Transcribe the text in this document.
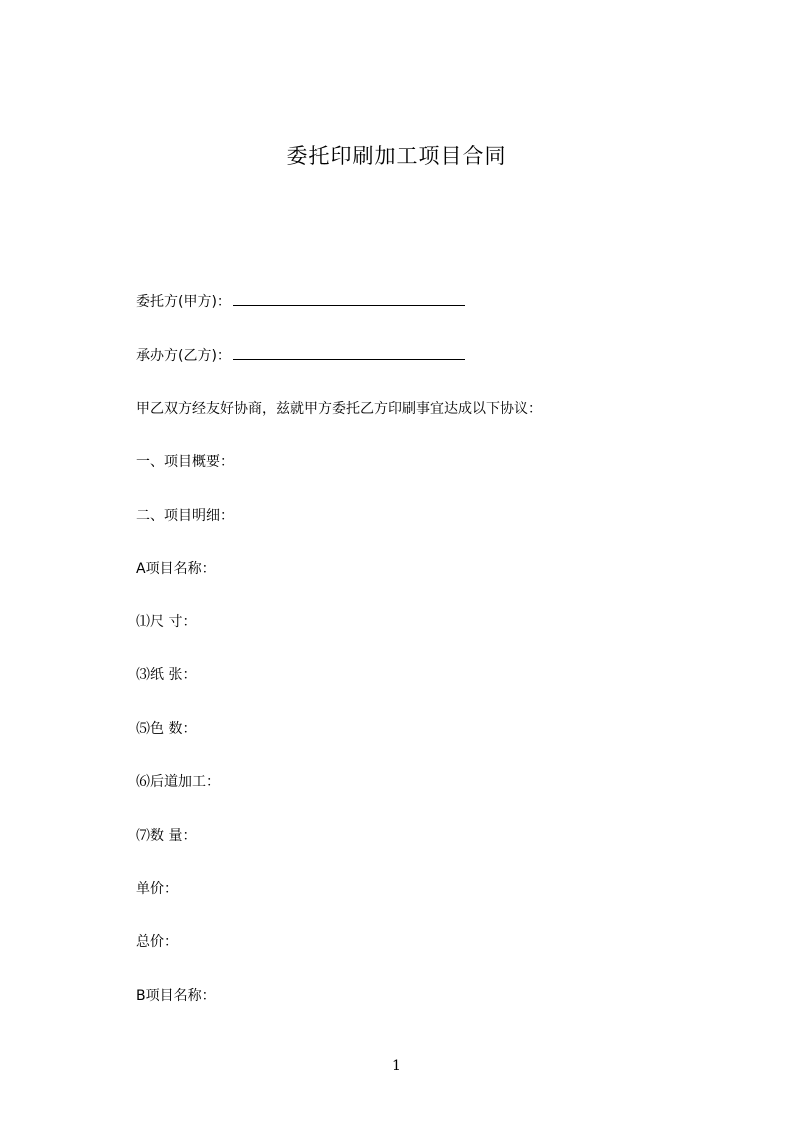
委托印刷加工项目合同
委托方(甲方)：
承办方(乙方)：
甲乙双方经友好协商，兹就甲方委托乙方印刷事宜达成以下协议：
一、项目概要：
二、项目明细：
A项目名称：
⑴尺 寸：
⑶纸 张：
⑸色 数：
⑹后道加工：
⑺数 量：
单价：
总价：
B项目名称：
1
